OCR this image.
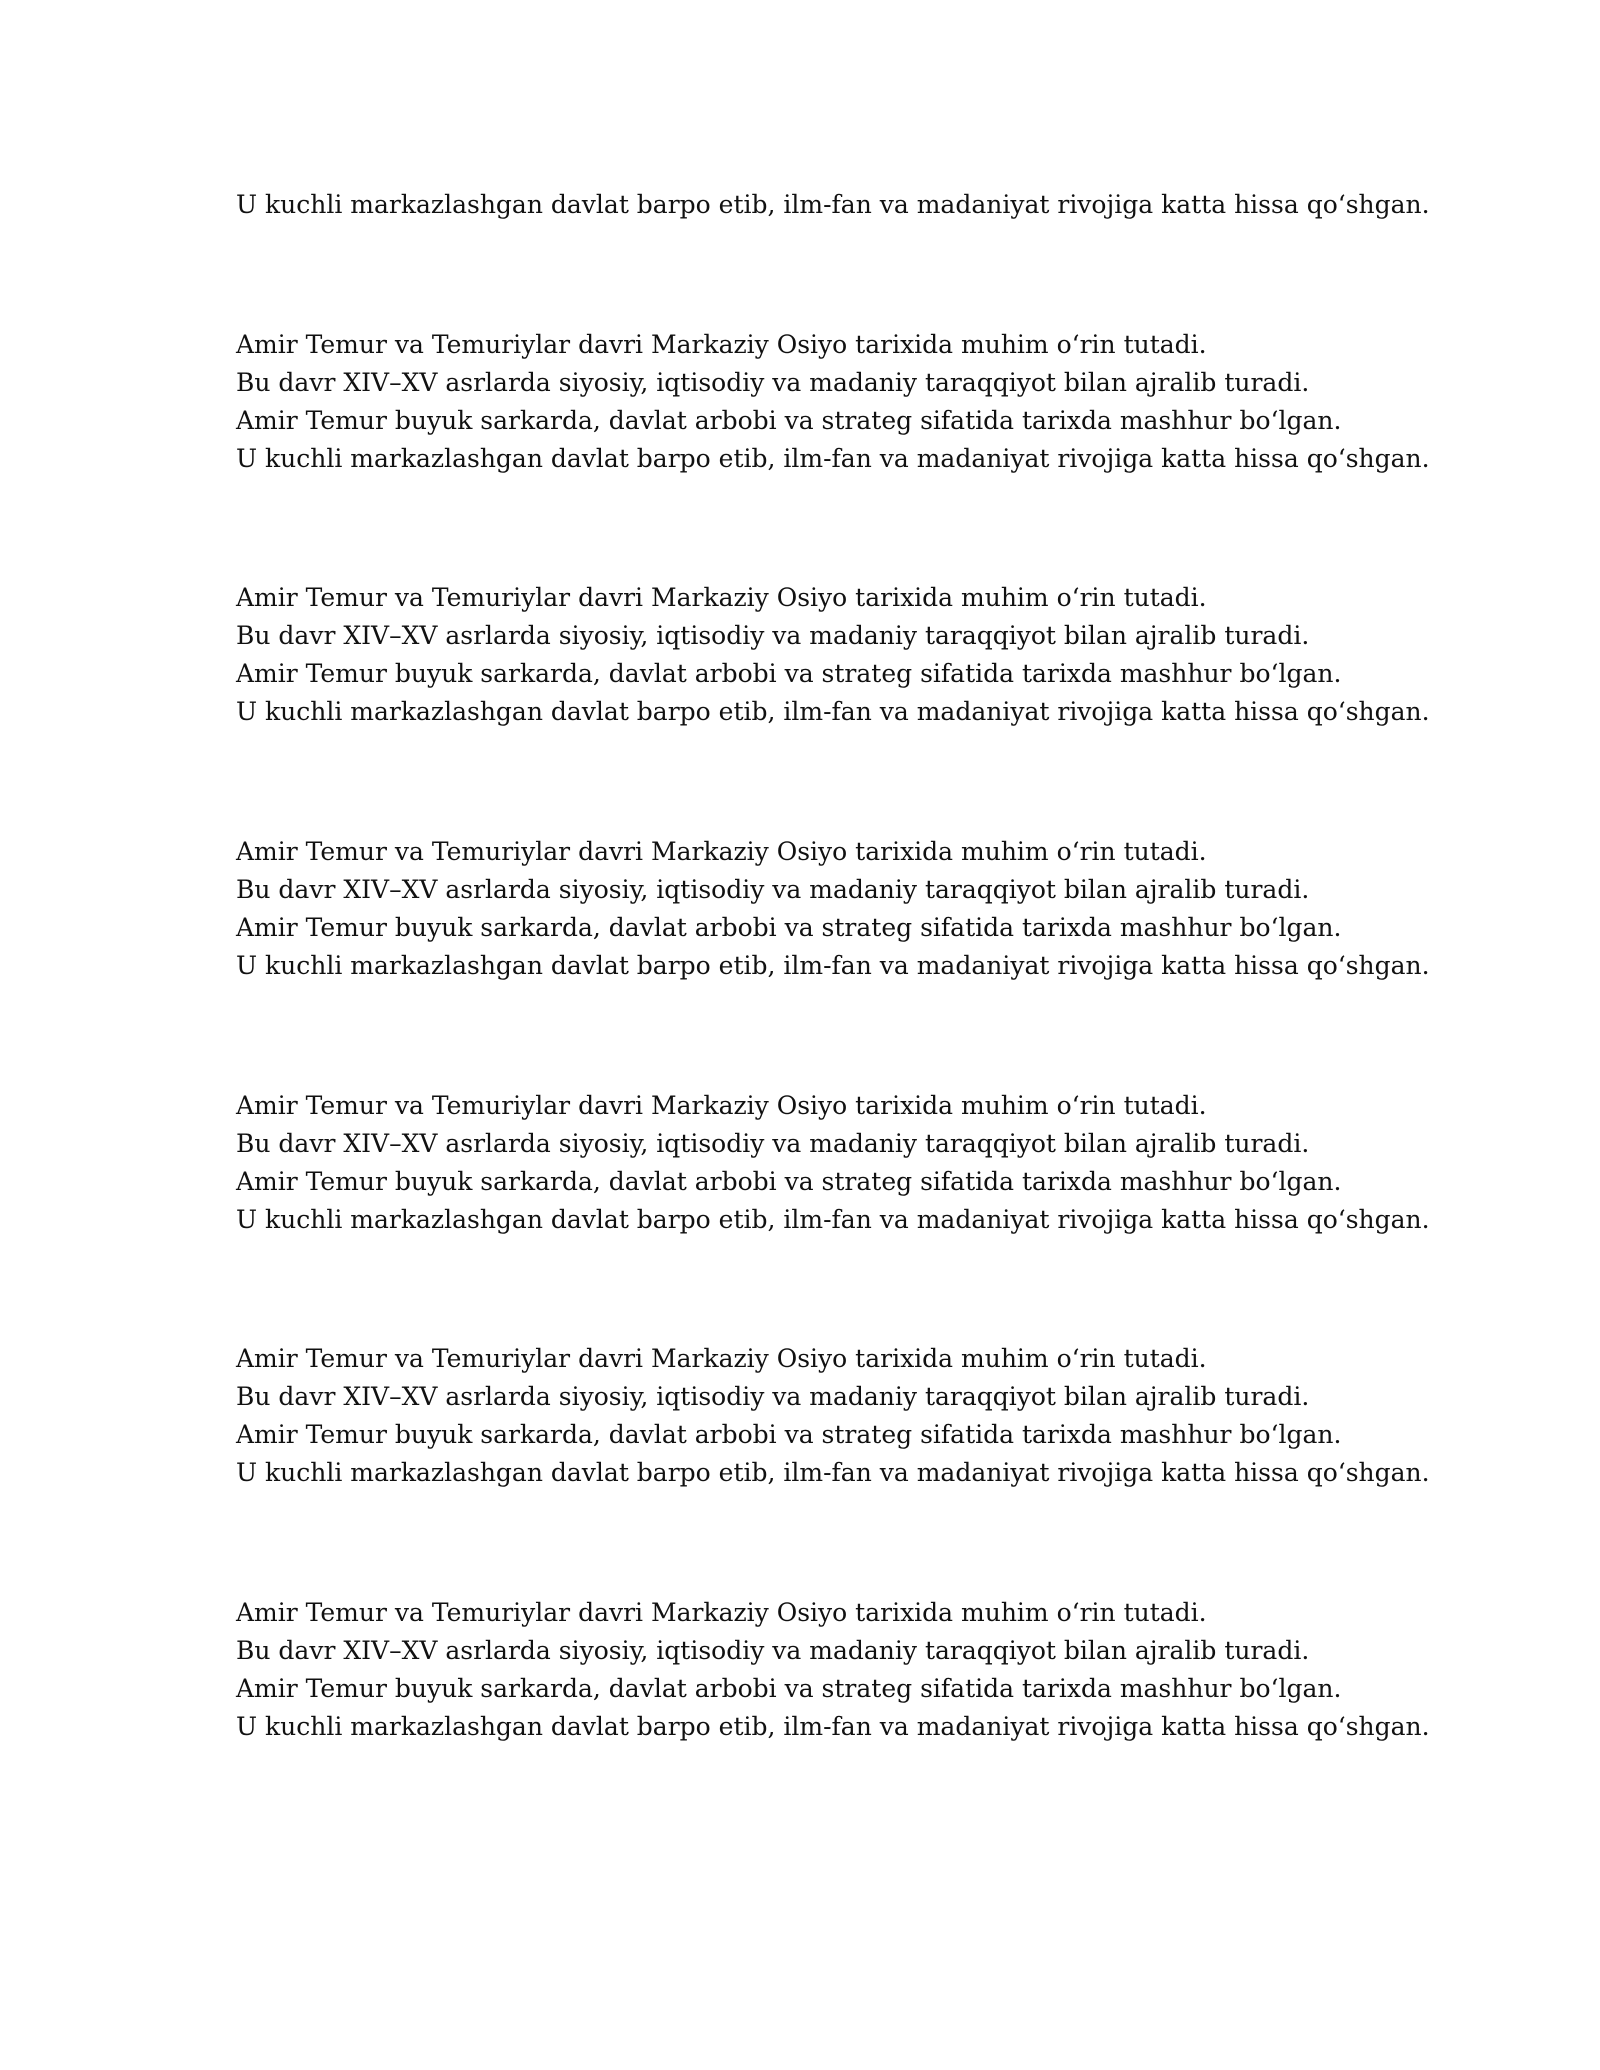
U kuchli markazlashgan davlat barpo etib, ilm-fan va madaniyat rivojiga katta hissa qo‘shgan.
Amir Temur va Temuriylar davri Markaziy Osiyo tarixida muhim o‘rin tutadi.
Bu davr XIV–XV asrlarda siyosiy, iqtisodiy va madaniy taraqqiyot bilan ajralib turadi.
Amir Temur buyuk sarkarda, davlat arbobi va strateg sifatida tarixda mashhur bo‘lgan.
U kuchli markazlashgan davlat barpo etib, ilm-fan va madaniyat rivojiga katta hissa qo‘shgan.
Amir Temur va Temuriylar davri Markaziy Osiyo tarixida muhim o‘rin tutadi.
Bu davr XIV–XV asrlarda siyosiy, iqtisodiy va madaniy taraqqiyot bilan ajralib turadi.
Amir Temur buyuk sarkarda, davlat arbobi va strateg sifatida tarixda mashhur bo‘lgan.
U kuchli markazlashgan davlat barpo etib, ilm-fan va madaniyat rivojiga katta hissa qo‘shgan.
Amir Temur va Temuriylar davri Markaziy Osiyo tarixida muhim o‘rin tutadi.
Bu davr XIV–XV asrlarda siyosiy, iqtisodiy va madaniy taraqqiyot bilan ajralib turadi.
Amir Temur buyuk sarkarda, davlat arbobi va strateg sifatida tarixda mashhur bo‘lgan.
U kuchli markazlashgan davlat barpo etib, ilm-fan va madaniyat rivojiga katta hissa qo‘shgan.
Amir Temur va Temuriylar davri Markaziy Osiyo tarixida muhim o‘rin tutadi.
Bu davr XIV–XV asrlarda siyosiy, iqtisodiy va madaniy taraqqiyot bilan ajralib turadi.
Amir Temur buyuk sarkarda, davlat arbobi va strateg sifatida tarixda mashhur bo‘lgan.
U kuchli markazlashgan davlat barpo etib, ilm-fan va madaniyat rivojiga katta hissa qo‘shgan.
Amir Temur va Temuriylar davri Markaziy Osiyo tarixida muhim o‘rin tutadi.
Bu davr XIV–XV asrlarda siyosiy, iqtisodiy va madaniy taraqqiyot bilan ajralib turadi.
Amir Temur buyuk sarkarda, davlat arbobi va strateg sifatida tarixda mashhur bo‘lgan.
U kuchli markazlashgan davlat barpo etib, ilm-fan va madaniyat rivojiga katta hissa qo‘shgan.
Amir Temur va Temuriylar davri Markaziy Osiyo tarixida muhim o‘rin tutadi.
Bu davr XIV–XV asrlarda siyosiy, iqtisodiy va madaniy taraqqiyot bilan ajralib turadi.
Amir Temur buyuk sarkarda, davlat arbobi va strateg sifatida tarixda mashhur bo‘lgan.
U kuchli markazlashgan davlat barpo etib, ilm-fan va madaniyat rivojiga katta hissa qo‘shgan.
